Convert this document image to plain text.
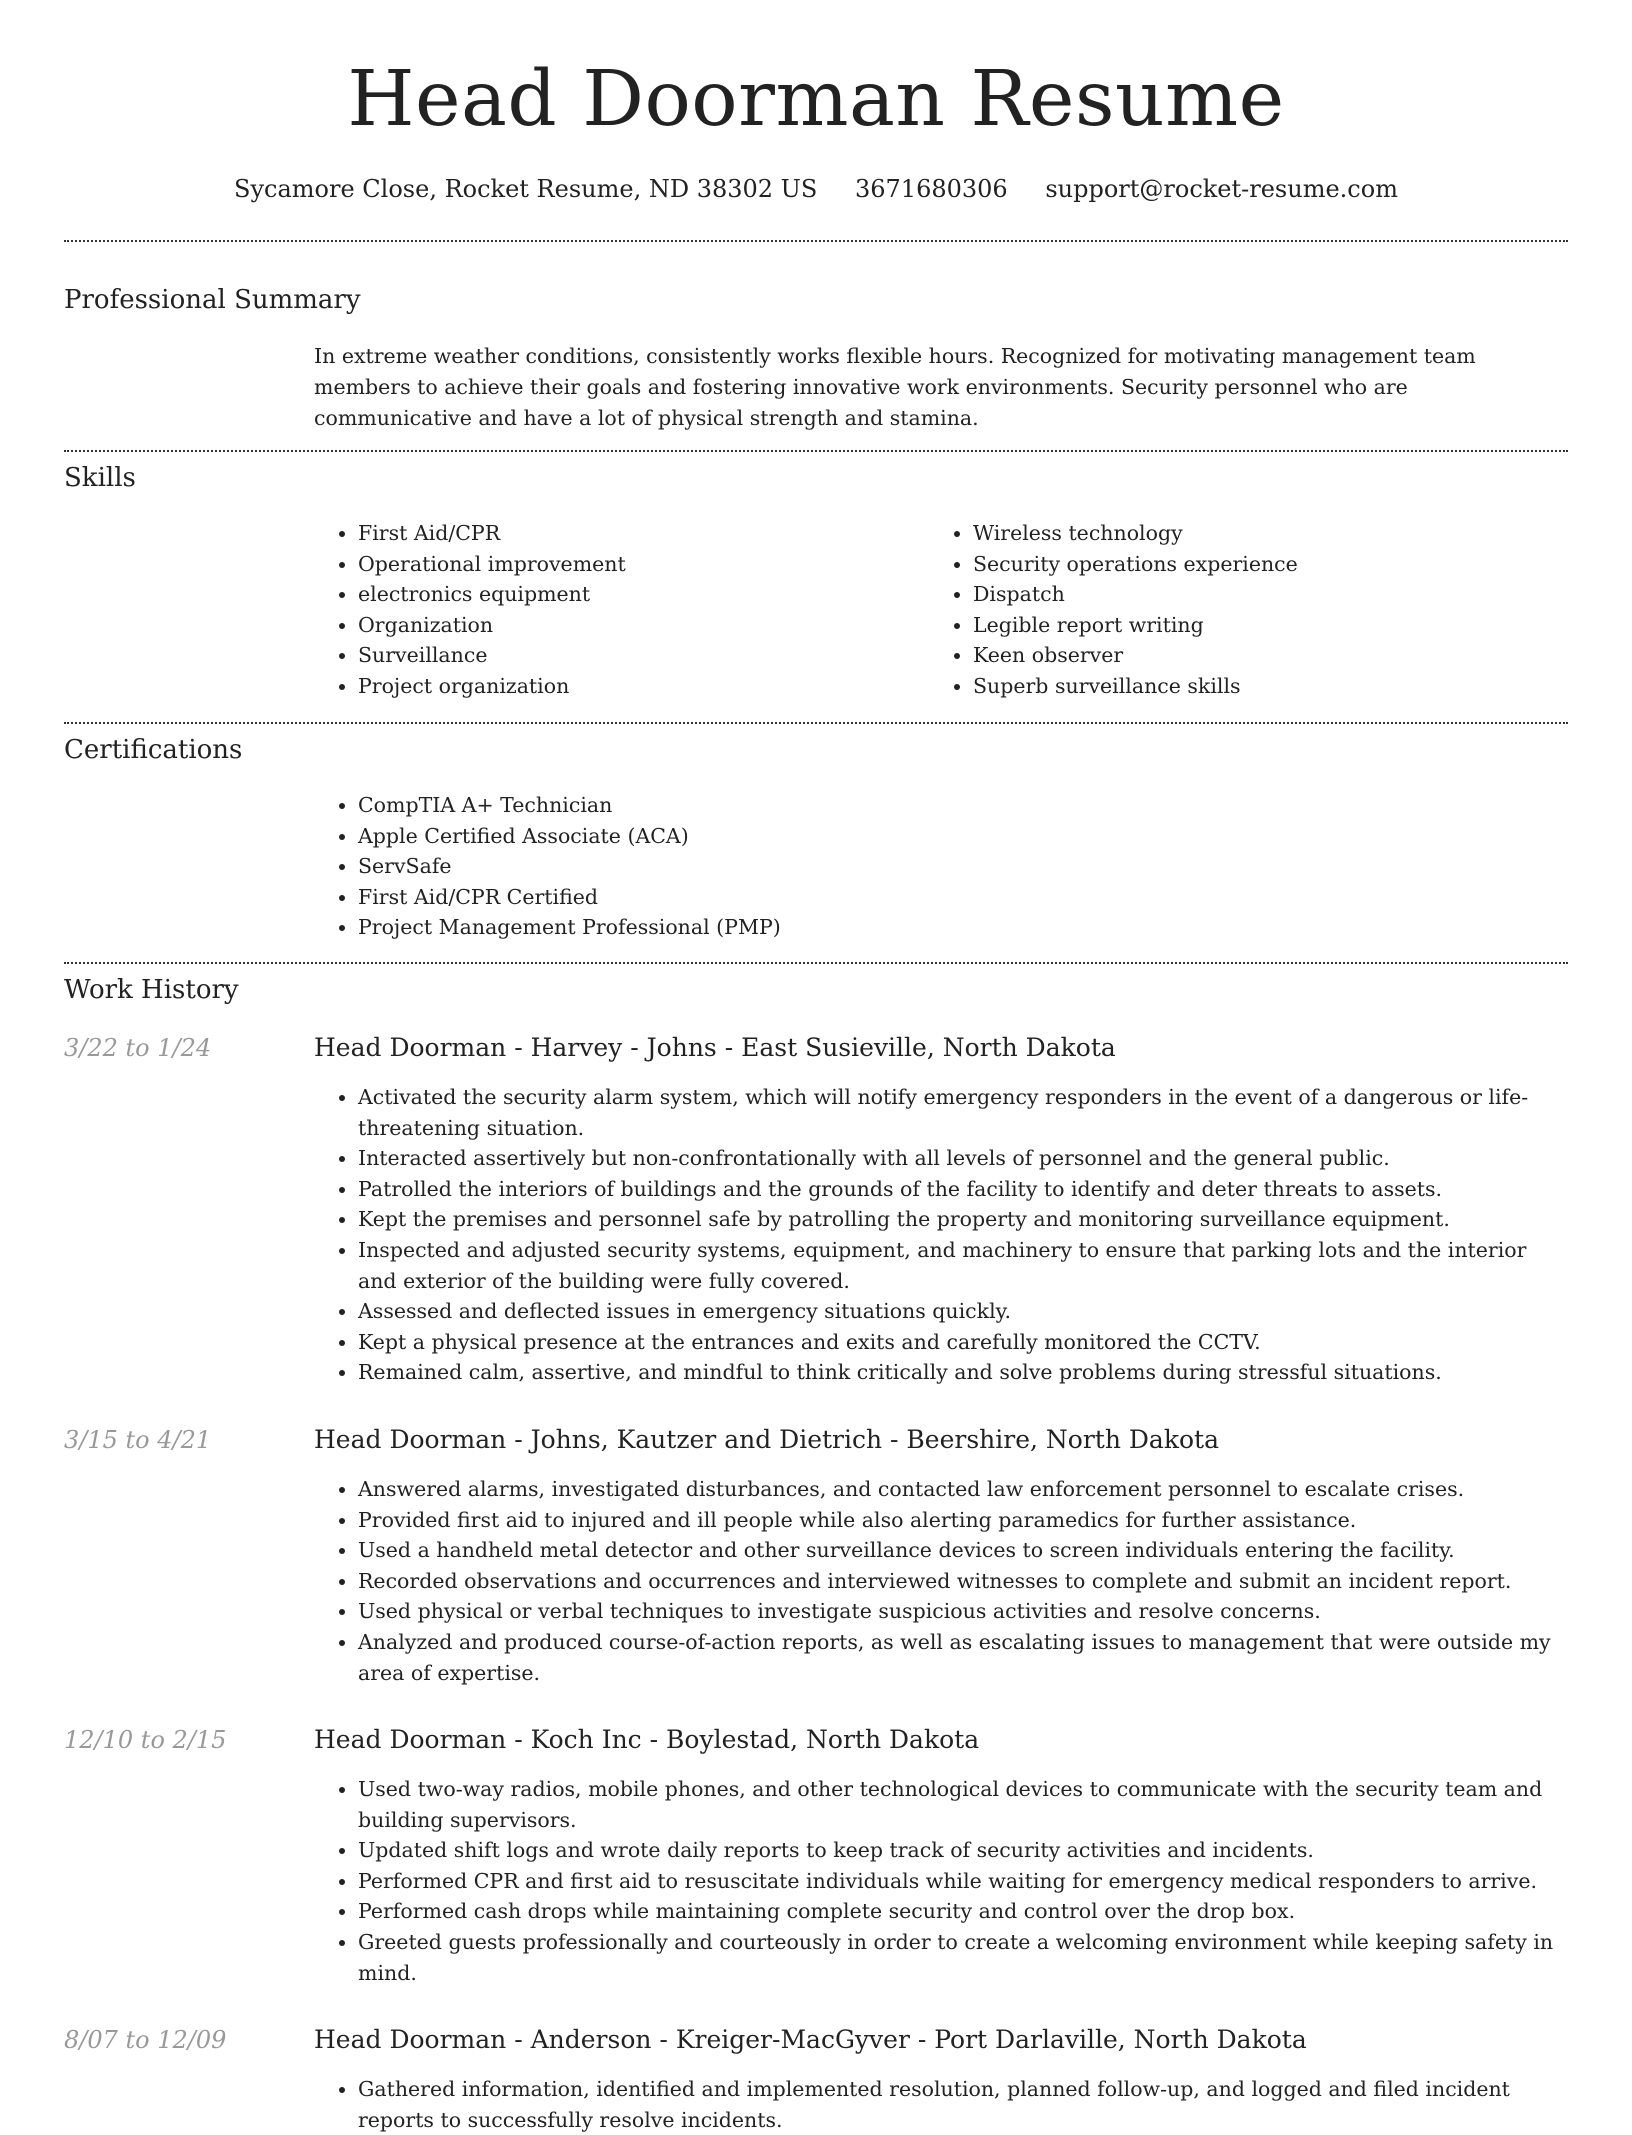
Head Doorman Resume
Sycamore Close, Rocket Resume, ND 38302 US 3671680306 support@rocket-resume.com
Professional Summary
In extreme weather conditions, consistently works flexible hours. Recognized for motivating management team members to achieve their goals and fostering innovative work environments. Security personnel who are communicative and have a lot of physical strength and stamina.
Skills
• First Aid/CPR
• Operational improvement
• electronics equipment
• Organization
• Surveillance
• Project organization
• Wireless technology
• Security operations experience
• Dispatch
• Legible report writing
• Keen observer
• Superb surveillance skills
Certifications
• CompTIA A+ Technician
• Apple Certified Associate (ACA)
• ServSafe
• First Aid/CPR Certified
• Project Management Professional (PMP)
Work History
3/22 to 1/24	Head Doorman - Harvey - Johns - East Susieville, North Dakota
• Activated the security alarm system, which will notify emergency responders in the event of a dangerous or life-threatening situation.
• Interacted assertively but non-confrontationally with all levels of personnel and the general public.
• Patrolled the interiors of buildings and the grounds of the facility to identify and deter threats to assets.
• Kept the premises and personnel safe by patrolling the property and monitoring surveillance equipment.
• Inspected and adjusted security systems, equipment, and machinery to ensure that parking lots and the interior and exterior of the building were fully covered.
• Assessed and deflected issues in emergency situations quickly.
• Kept a physical presence at the entrances and exits and carefully monitored the CCTV.
• Remained calm, assertive, and mindful to think critically and solve problems during stressful situations.
3/15 to 4/21	Head Doorman - Johns, Kautzer and Dietrich - Beershire, North Dakota
• Answered alarms, investigated disturbances, and contacted law enforcement personnel to escalate crises.
• Provided first aid to injured and ill people while also alerting paramedics for further assistance.
• Used a handheld metal detector and other surveillance devices to screen individuals entering the facility.
• Recorded observations and occurrences and interviewed witnesses to complete and submit an incident report.
• Used physical or verbal techniques to investigate suspicious activities and resolve concerns.
• Analyzed and produced course-of-action reports, as well as escalating issues to management that were outside my area of expertise.
12/10 to 2/15	Head Doorman - Koch Inc - Boylestad, North Dakota
• Used two-way radios, mobile phones, and other technological devices to communicate with the security team and building supervisors.
• Updated shift logs and wrote daily reports to keep track of security activities and incidents.
• Performed CPR and first aid to resuscitate individuals while waiting for emergency medical responders to arrive.
• Performed cash drops while maintaining complete security and control over the drop box.
• Greeted guests professionally and courteously in order to create a welcoming environment while keeping safety in mind.
8/07 to 12/09	Head Doorman - Anderson - Kreiger-MacGyver - Port Darlaville, North Dakota
• Gathered information, identified and implemented resolution, planned follow-up, and logged and filed incident reports to successfully resolve incidents.
